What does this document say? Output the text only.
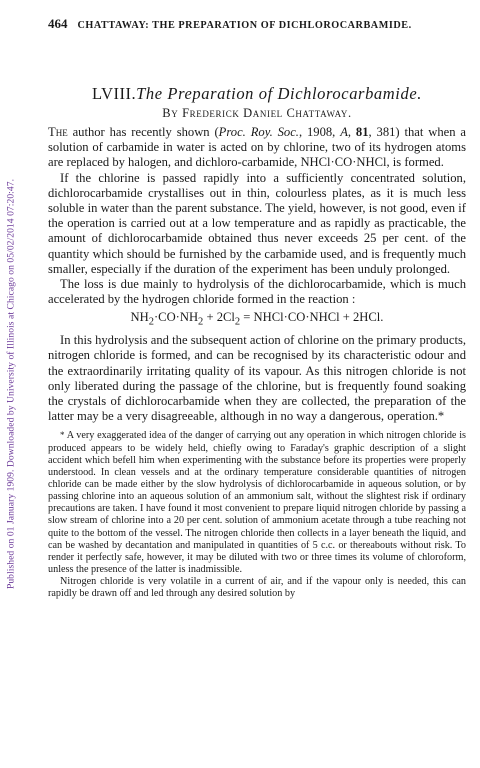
Published on 01 January 1909. Downloaded by University of Illinois at Chicago on 05/02/2014 07:20:47.
464 CHATTAWAY: THE PREPARATION OF DICHLOROCARBAMIDE.
LVIII.The Preparation of Dichlorocarbamide.
By Frederick Daniel Chattaway.

The author has recently shown (Proc. Roy. Soc., 1908, A, 81, 381) that when a solution of carbamide in water is acted on by chlorine, two of its hydrogen atoms are replaced by halogen, and dichloro-carbamide, NHCl·CO·NHCl, is formed.

If the chlorine is passed rapidly into a sufficiently concentrated solution, dichlorocarbamide crystallises out in thin, colourless plates, as it is much less soluble in water than the parent substance. The yield, however, is not good, even if the operation is carried out at a low temperature and as rapidly as practicable, the amount of dichlorocarbamide obtained thus never exceeds 25 per cent. of the quantity which should be furnished by the carbamide used, and is frequently much smaller, especially if the duration of the experiment has been unduly prolonged.

The loss is due mainly to hydrolysis of the dichlorocarbamide, which is much accelerated by the hydrogen chloride formed in the reaction :

$NH_2\cdot CO\cdot NH_2 + 2Cl_2$ = NHCl·CO·NHCl + 2HCl.

In this hydrolysis and the subsequent action of chlorine on the primary products, nitrogen chloride is formed, and can be recognised by its characteristic odour and the extraordinarily irritating quality of its vapour. As this nitrogen chloride is not only liberated during the passage of the chlorine, but is frequently found soaking the crystals of dichlorocarbamide when they are collected, the preparation of the latter may be a very disagreeable, although in no way a dangerous, operation.*

* A very exaggerated idea of the danger of carrying out any operation in which nitrogen chloride is produced appears to be widely held, chiefly owing to Faraday's graphic description of a slight accident which befell him when experimenting with the substance before its properties were properly understood. In clean vessels and at the ordinary temperature considerable quantities of nitrogen chloride can be made either by the slow hydrolysis of dichlorocarbamide in aqueous solution, or by passing chlorine into an aqueous solution of an ammonium salt, without the slightest risk if ordinary precautions are taken. I have found it most convenient to prepare liquid nitrogen chloride by passing a slow stream of chlorine into a 20 per cent. solution of ammonium acetate through a tube reaching not quite to the bottom of the vessel. The nitrogen chloride then collects in a layer beneath the liquid, and can be washed by decantation and manipulated in quantities of 5 c.c. or thereabouts without risk. To render it perfectly safe, however, it may be diluted with two or three times its volume of chloroform, unless the presence of the latter is inadmissible.

Nitrogen chloride is very volatile in a current of air, and if the vapour only is needed, this can rapidly be drawn off and led through any desired solution by
